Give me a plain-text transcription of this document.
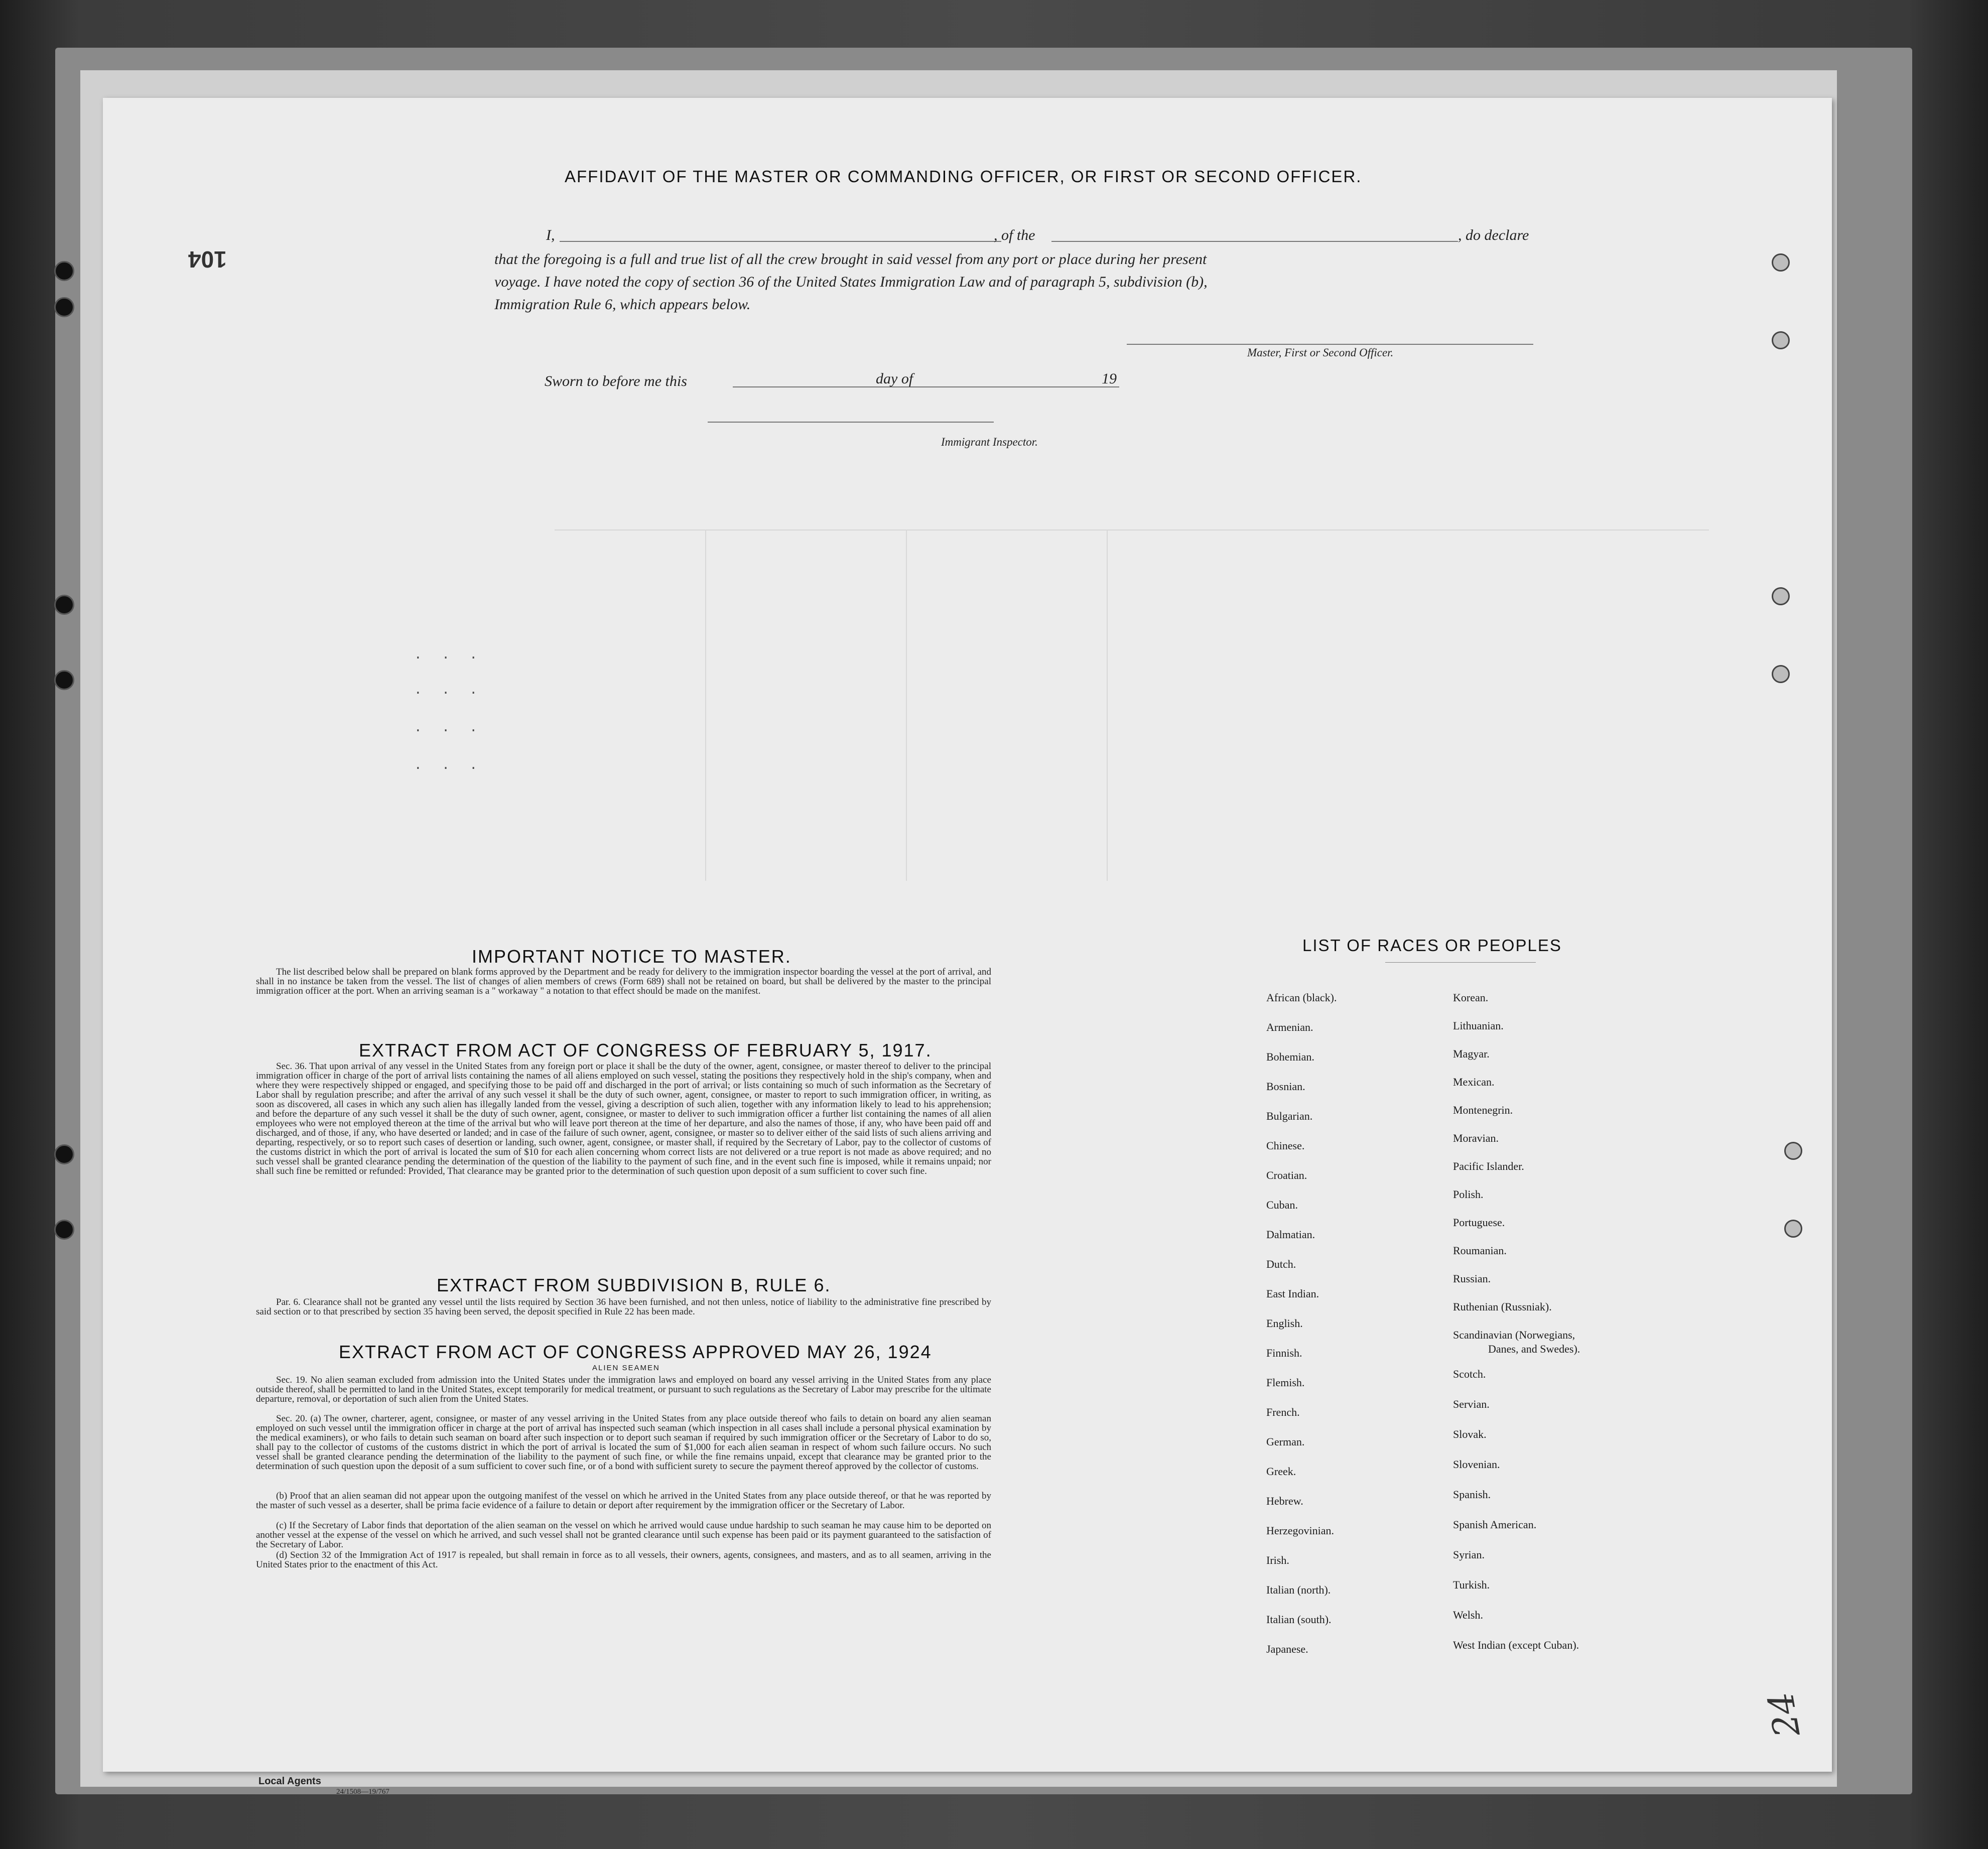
104
AFFIDAVIT OF THE MASTER OR COMMANDING OFFICER, OR FIRST OR SECOND OFFICER.
I,	, of the	, do declare
that the foregoing is a full and true list of all the crew brought in said vessel from any port or place during her present
voyage. I have noted the copy of section 36 of the United States Immigration Law and of paragraph 5, subdivision (b),
Immigration Rule 6, which appears below.
Master, First or Second Officer.
Sworn to before me this	day of	19
Immigrant Inspector.
. . .
. . .
. . .
. . .
IMPORTANT NOTICE TO MASTER.
The list described below shall be prepared on blank forms approved by the Department and be ready for delivery to the immigration inspector boarding the vessel at the port of arrival, and shall in no instance be taken from the vessel. The list of changes of alien members of crews (Form 689) shall not be retained on board, but shall be delivered by the master to the principal immigration officer at the port. When an arriving seaman is a " workaway " a notation to that effect should be made on the manifest.
EXTRACT FROM ACT OF CONGRESS OF FEBRUARY 5, 1917.
Sec. 36. That upon arrival of any vessel in the United States from any foreign port or place it shall be the duty of the owner, agent, consignee, or master thereof to deliver to the principal immigration officer in charge of the port of arrival lists containing the names of all aliens employed on such vessel, stating the positions they respectively hold in the ship's company, when and where they were respectively shipped or engaged, and specifying those to be paid off and discharged in the port of arrival; or lists containing so much of such information as the Secretary of Labor shall by regulation prescribe; and after the arrival of any such vessel it shall be the duty of such owner, agent, consignee, or master to report to such immigration officer, in writing, as soon as discovered, all cases in which any such alien has illegally landed from the vessel, giving a description of such alien, together with any information likely to lead to his apprehension; and before the departure of any such vessel it shall be the duty of such owner, agent, consignee, or master to deliver to such immigration officer a further list containing the names of all alien employees who were not employed thereon at the time of the arrival but who will leave port thereon at the time of her departure, and also the names of those, if any, who have been paid off and discharged, and of those, if any, who have deserted or landed; and in case of the failure of such owner, agent, consignee, or master so to deliver either of the said lists of such aliens arriving and departing, respectively, or so to report such cases of desertion or landing, such owner, agent, consignee, or master shall, if required by the Secretary of Labor, pay to the collector of customs of the customs district in which the port of arrival is located the sum of $10 for each alien concerning whom correct lists are not delivered or a true report is not made as above required; and no such vessel shall be granted clearance pending the determination of the question of the liability to the payment of such fine, and in the event such fine is imposed, while it remains unpaid; nor shall such fine be remitted or refunded: Provided, That clearance may be granted prior to the determination of such question upon deposit of a sum sufficient to cover such fine.
EXTRACT FROM SUBDIVISION B, RULE 6.
Par. 6. Clearance shall not be granted any vessel until the lists required by Section 36 have been furnished, and not then unless, notice of liability to the administrative fine prescribed by said section or to that prescribed by section 35 having been served, the deposit specified in Rule 22 has been made.
EXTRACT FROM ACT OF CONGRESS APPROVED MAY 26, 1924
ALIEN SEAMEN
Sec. 19. No alien seaman excluded from admission into the United States under the immigration laws and employed on board any vessel arriving in the United States from any place outside thereof, shall be permitted to land in the United States, except temporarily for medical treatment, or pursuant to such regulations as the Secretary of Labor may prescribe for the ultimate departure, removal, or deportation of such alien from the United States.
Sec. 20. (a) The owner, charterer, agent, consignee, or master of any vessel arriving in the United States from any place outside thereof who fails to detain on board any alien seaman employed on such vessel until the immigration officer in charge at the port of arrival has inspected such seaman (which inspection in all cases shall include a personal physical examination by the medical examiners), or who fails to detain such seaman on board after such inspection or to deport such seaman if required by such immigration officer or the Secretary of Labor to do so, shall pay to the collector of customs of the customs district in which the port of arrival is located the sum of $1,000 for each alien seaman in respect of whom such failure occurs. No such vessel shall be granted clearance pending the determination of the liability to the payment of such fine, or while the fine remains unpaid, except that clearance may be granted prior to the determination of such question upon the deposit of a sum sufficient to cover such fine, or of a bond with sufficient surety to secure the payment thereof approved by the collector of customs.
(b) Proof that an alien seaman did not appear upon the outgoing manifest of the vessel on which he arrived in the United States from any place outside thereof, or that he was reported by the master of such vessel as a deserter, shall be prima facie evidence of a failure to detain or deport after requirement by the immigration officer or the Secretary of Labor.
(c) If the Secretary of Labor finds that deportation of the alien seaman on the vessel on which he arrived would cause undue hardship to such seaman he may cause him to be deported on another vessel at the expense of the vessel on which he arrived, and such vessel shall not be granted clearance until such expense has been paid or its payment guaranteed to the satisfaction of the Secretary of Labor.
(d) Section 32 of the Immigration Act of 1917 is repealed, but shall remain in force as to all vessels, their owners, agents, consignees, and masters, and as to all seamen, arriving in the United States prior to the enactment of this Act.
LIST OF RACES OR PEOPLES
African (black).
Armenian.
Bohemian.
Bosnian.
Bulgarian.
Chinese.
Croatian.
Cuban.
Dalmatian.
Dutch.
East Indian.
English.
Finnish.
Flemish.
French.
German.
Greek.
Hebrew.
Herzegovinian.
Irish.
Italian (north).
Italian (south).
Japanese.
Korean.
Lithuanian.
Magyar.
Mexican.
Montenegrin.
Moravian.
Pacific Islander.
Polish.
Portuguese.
Roumanian.
Russian.
Ruthenian (Russniak).
Scandinavian (Norwegians,
Danes, and Swedes).
Scotch.
Servian.
Slovak.
Slovenian.
Spanish.
Spanish American.
Syrian.
Turkish.
Welsh.
West Indian (except Cuban).
24
Local Agents
24/1508—19/767
